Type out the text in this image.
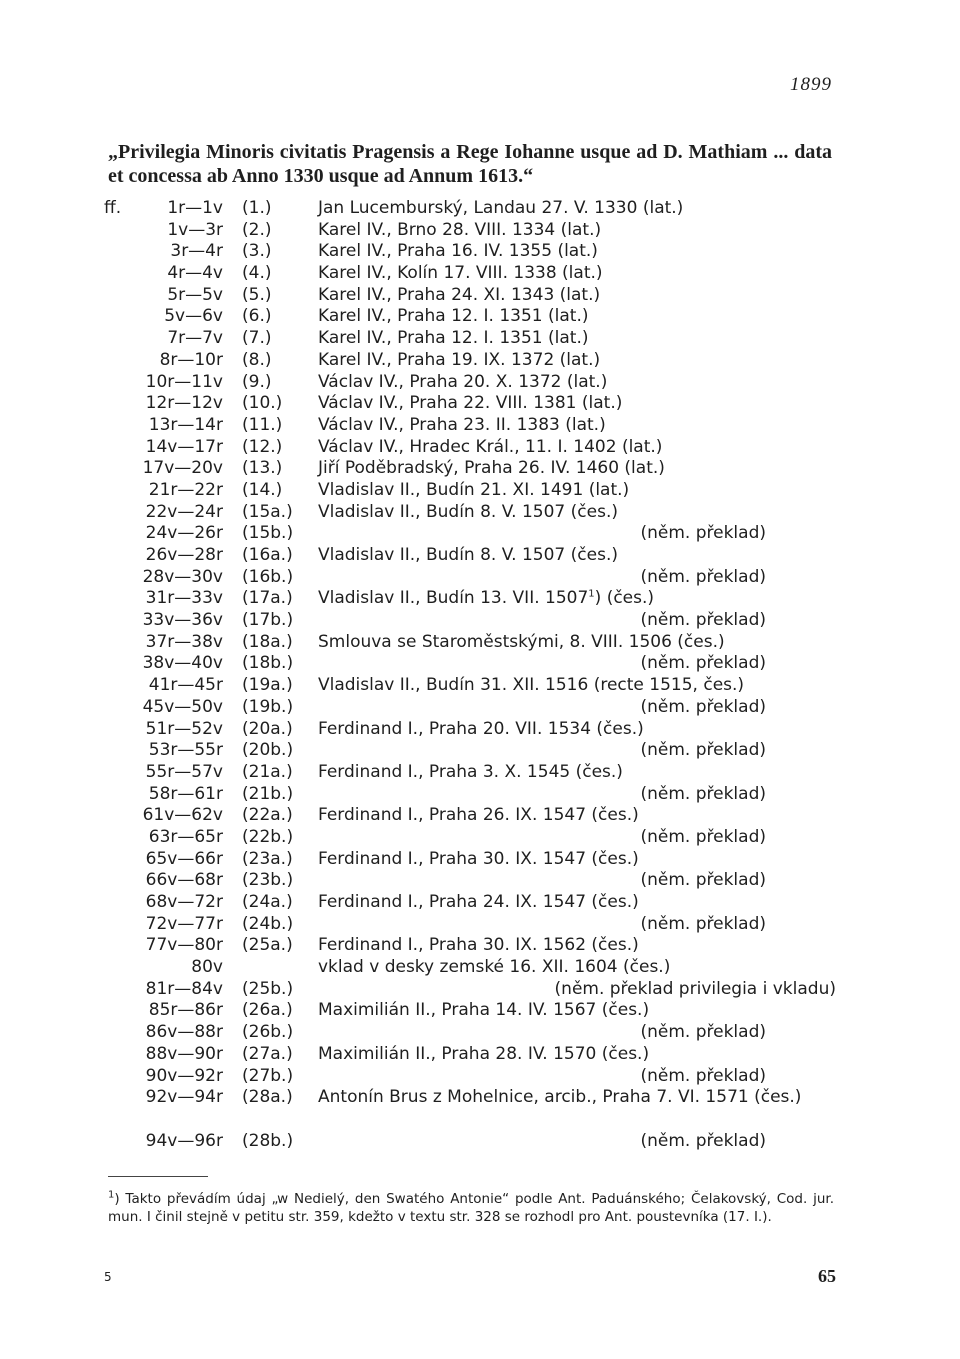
1899
„Privilegia Minoris civitatis Pragensis a Rege Iohanne usque ad D. Mathiam ... data et concessa ab Anno 1330 usque ad Annum 1613.“
ff.	1r—1v (1.)	Jan Lucemburský, Landau 27. V. 1330 (lat.)
1v—3r (2.)	Karel IV., Brno 28. VIII. 1334 (lat.)
3r—4r (3.)	Karel IV., Praha 16. IV. 1355 (lat.)
4r—4v (4.)	Karel IV., Kolín 17. VIII. 1338 (lat.)
5r—5v (5.)	Karel IV., Praha 24. XI. 1343 (lat.)
5v—6v (6.)	Karel IV., Praha 12. I. 1351 (lat.)
7r—7v (7.)	Karel IV., Praha 12. I. 1351 (lat.)
8r—10r (8.)	Karel IV., Praha 19. IX. 1372 (lat.)
10r—11v (9.)	Václav IV., Praha 20. X. 1372 (lat.)
12r—12v (10.) Václav IV., Praha 22. VIII. 1381 (lat.)
13r—14r (11.) Václav IV., Praha 23. II. 1383 (lat.)
14v—17r (12.) Václav IV., Hradec Král., 11. I. 1402 (lat.)
17v—20v (13.) Jiří Poděbradský, Praha 26. IV. 1460 (lat.)
21r—22r (14.) Vladislav II., Budín 21. XI. 1491 (lat.)
22v—24r (15a.) Vladislav II., Budín 8. V. 1507 (čes.)
24v—26r (15b.)	(něm. překlad)
26v—28r (16a.) Vladislav II., Budín 8. V. 1507 (čes.)
28v—30v (16b.)	(něm. překlad)
31r—33v (17a.) Vladislav II., Budín 13. VII. 1507$^1$) (čes.)
33v—36v (17b.)	(něm. překlad)
37r—38v (18a.) Smlouva se Staroměstskými, 8. VIII. 1506 (čes.)
38v—40v (18b.)	(něm. překlad)
41r—45r (19a.) Vladislav II., Budín 31. XII. 1516 (recte 1515, čes.)
45v—50v (19b.)	(něm. překlad)
51r—52v (20a.) Ferdinand I., Praha 20. VII. 1534 (čes.)
53r—55r (20b.)	(něm. překlad)
55r—57v (21a.) Ferdinand I., Praha 3. X. 1545 (čes.)
58r—61r (21b.)	(něm. překlad)
61v—62v (22a.) Ferdinand I., Praha 26. IX. 1547 (čes.)
63r—65r (22b.)	(něm. překlad)
65v—66r (23a.) Ferdinand I., Praha 30. IX. 1547 (čes.)
66v—68r (23b.)	(něm. překlad)
68v—72r (24a.) Ferdinand I., Praha 24. IX. 1547 (čes.)
72v—77r (24b.)	(něm. překlad)
77v—80r (25a.) Ferdinand I., Praha 30. IX. 1562 (čes.)
80v	vklad v desky zemské 16. XII. 1604 (čes.)
81r—84v (25b.)	(něm. překlad privilegia i vkladu)
85r—86r (26a.) Maximilián II., Praha 14. IV. 1567 (čes.)
86v—88r (26b.)	(něm. překlad)
88v—90r (27a.) Maximilián II., Praha 28. IV. 1570 (čes.)
90v—92r (27b.)	(něm. překlad)
92v—94r (28a.) Antonín Brus z Mohelnice, arcib., Praha 7. VI. 1571 (čes.)
94v—96r (28b.)	(něm. překlad)

$^1$) Takto převádím údaj „w Nedielý, den Swatého Antonie“ podle Ant. Paduánského; Čelakovský, Cod. jur. mun. I činil stejně v petitu str. 359, kdežto v textu str. 328 se rozhodl pro Ant. poustevníka (17. I.).

5	65
